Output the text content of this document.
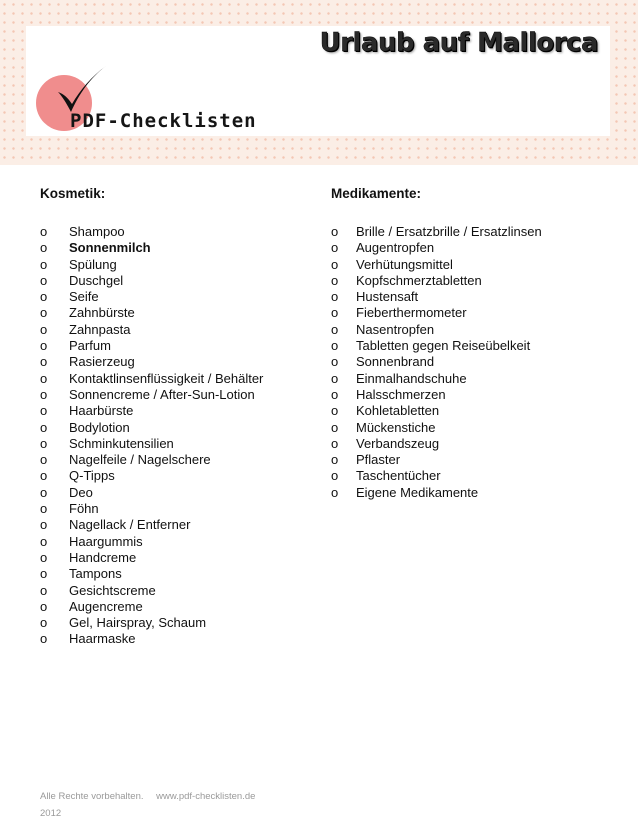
Urlaub auf Mallorca
PDF-Checklisten
Kosmetik:
o Shampoo
o Sonnenmilch
o Spülung
o Duschgel
o Seife
o Zahnbürste
o Zahnpasta
o Parfum
o Rasierzeug
o Kontaktlinsenflüssigkeit / Behälter
o Sonnencreme / After-Sun-Lotion
o Haarbürste
o Bodylotion
o Schminkutensilien
o Nagelfeile / Nagelschere
o Q-Tipps
o Deo
o Föhn
o Nagellack / Entferner
o Haargummis
o Handcreme
o Tampons
o Gesichtscreme
o Augencreme
o Gel, Hairspray, Schaum
o Haarmaske
Medikamente:
o Brille / Ersatzbrille / Ersatzlinsen
o Augentropfen
o Verhütungsmittel
o Kopfschmerztabletten
o Hustensaft
o Fieberthermometer
o Nasentropfen
o Tabletten gegen Reiseübelkeit
o Sonnenbrand
o Einmalhandschuhe
o Halsschmerzen
o Kohletabletten
o Mückenstiche
o Verbandszeug
o Pflaster
o Taschentücher
o Eigene Medikamente
Alle Rechte vorbehalten. www.pdf-checklisten.de
2012
